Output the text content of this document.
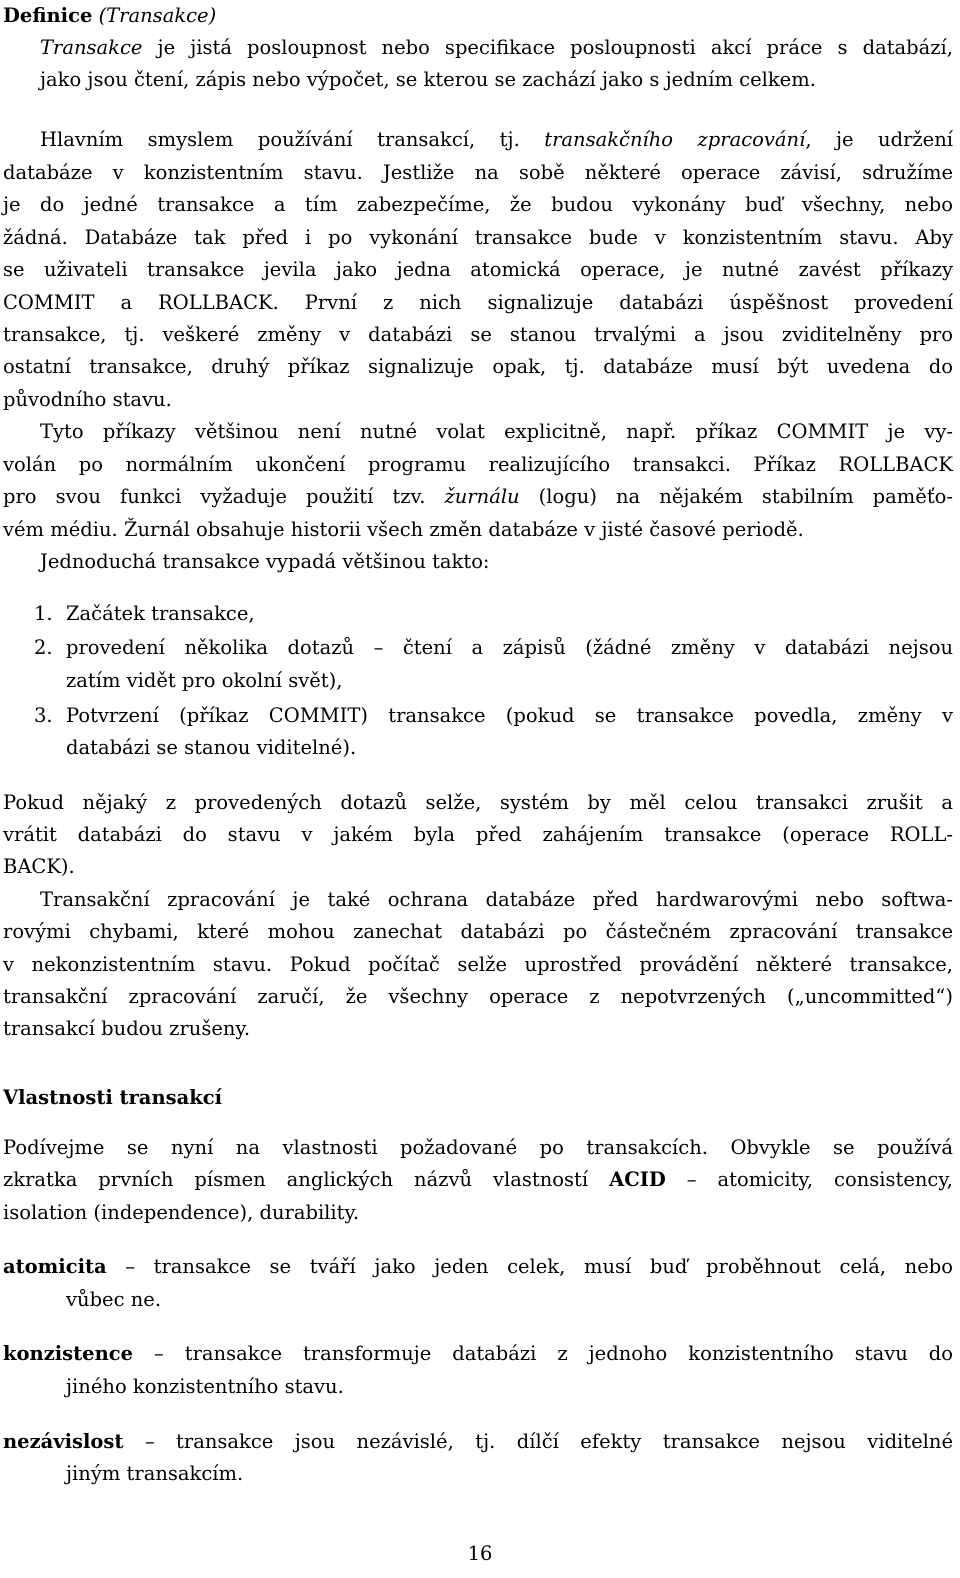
Definice (Transakce)
Transakce je jistá posloupnost nebo specifikace posloupnosti akcí práce s databází,
jako jsou čtení, zápis nebo výpočet, se kterou se zachází jako s jedním celkem.
Hlavním smyslem používání transakcí, tj. transakčního zpracování, je udržení
databáze v konzistentním stavu. Jestliže na sobě některé operace závisí, sdružíme
je do jedné transakce a tím zabezpečíme, že budou vykonány buď všechny, nebo
žádná. Databáze tak před i po vykonání transakce bude v konzistentním stavu. Aby
se uživateli transakce jevila jako jedna atomická operace, je nutné zavést příkazy
COMMIT a ROLLBACK. První z nich signalizuje databázi úspěšnost provedení
transakce, tj. veškeré změny v databázi se stanou trvalými a jsou zviditelněny pro
ostatní transakce, druhý příkaz signalizuje opak, tj. databáze musí být uvedena do
původního stavu.
Tyto příkazy většinou není nutné volat explicitně, např. příkaz COMMIT je vy-
volán po normálním ukončení programu realizujícího transakci. Příkaz ROLLBACK
pro svou funkci vyžaduje použití tzv. žurnálu (logu) na nějakém stabilním paměťo-
vém médiu. Žurnál obsahuje historii všech změn databáze v jisté časové periodě.
Jednoduchá transakce vypadá většinou takto:
1. Začátek transakce,
2. provedení několika dotazů – čtení a zápisů (žádné změny v databázi nejsou
zatím vidět pro okolní svět),
3. Potvrzení (příkaz COMMIT) transakce (pokud se transakce povedla, změny v
databázi se stanou viditelné).
Pokud nějaký z provedených dotazů selže, systém by měl celou transakci zrušit a
vrátit databázi do stavu v jakém byla před zahájením transakce (operace ROLL-
BACK).
Transakční zpracování je také ochrana databáze před hardwarovými nebo softwa-
rovými chybami, které mohou zanechat databázi po částečném zpracování transakce
v nekonzistentním stavu. Pokud počítač selže uprostřed provádění některé transakce,
transakční zpracování zaručí, že všechny operace z nepotvrzených („uncommitted“)
transakcí budou zrušeny.
Vlastnosti transakcí
Podívejme se nyní na vlastnosti požadované po transakcích. Obvykle se používá
zkratka prvních písmen anglických názvů vlastností ACID – atomicity, consistency,
isolation (independence), durability.
atomicita – transakce se tváří jako jeden celek, musí buď proběhnout celá, nebo
vůbec ne.
konzistence – transakce transformuje databázi z jednoho konzistentního stavu do
jiného konzistentního stavu.
nezávislost – transakce jsou nezávislé, tj. dílčí efekty transakce nejsou viditelné
jiným transakcím.
16
